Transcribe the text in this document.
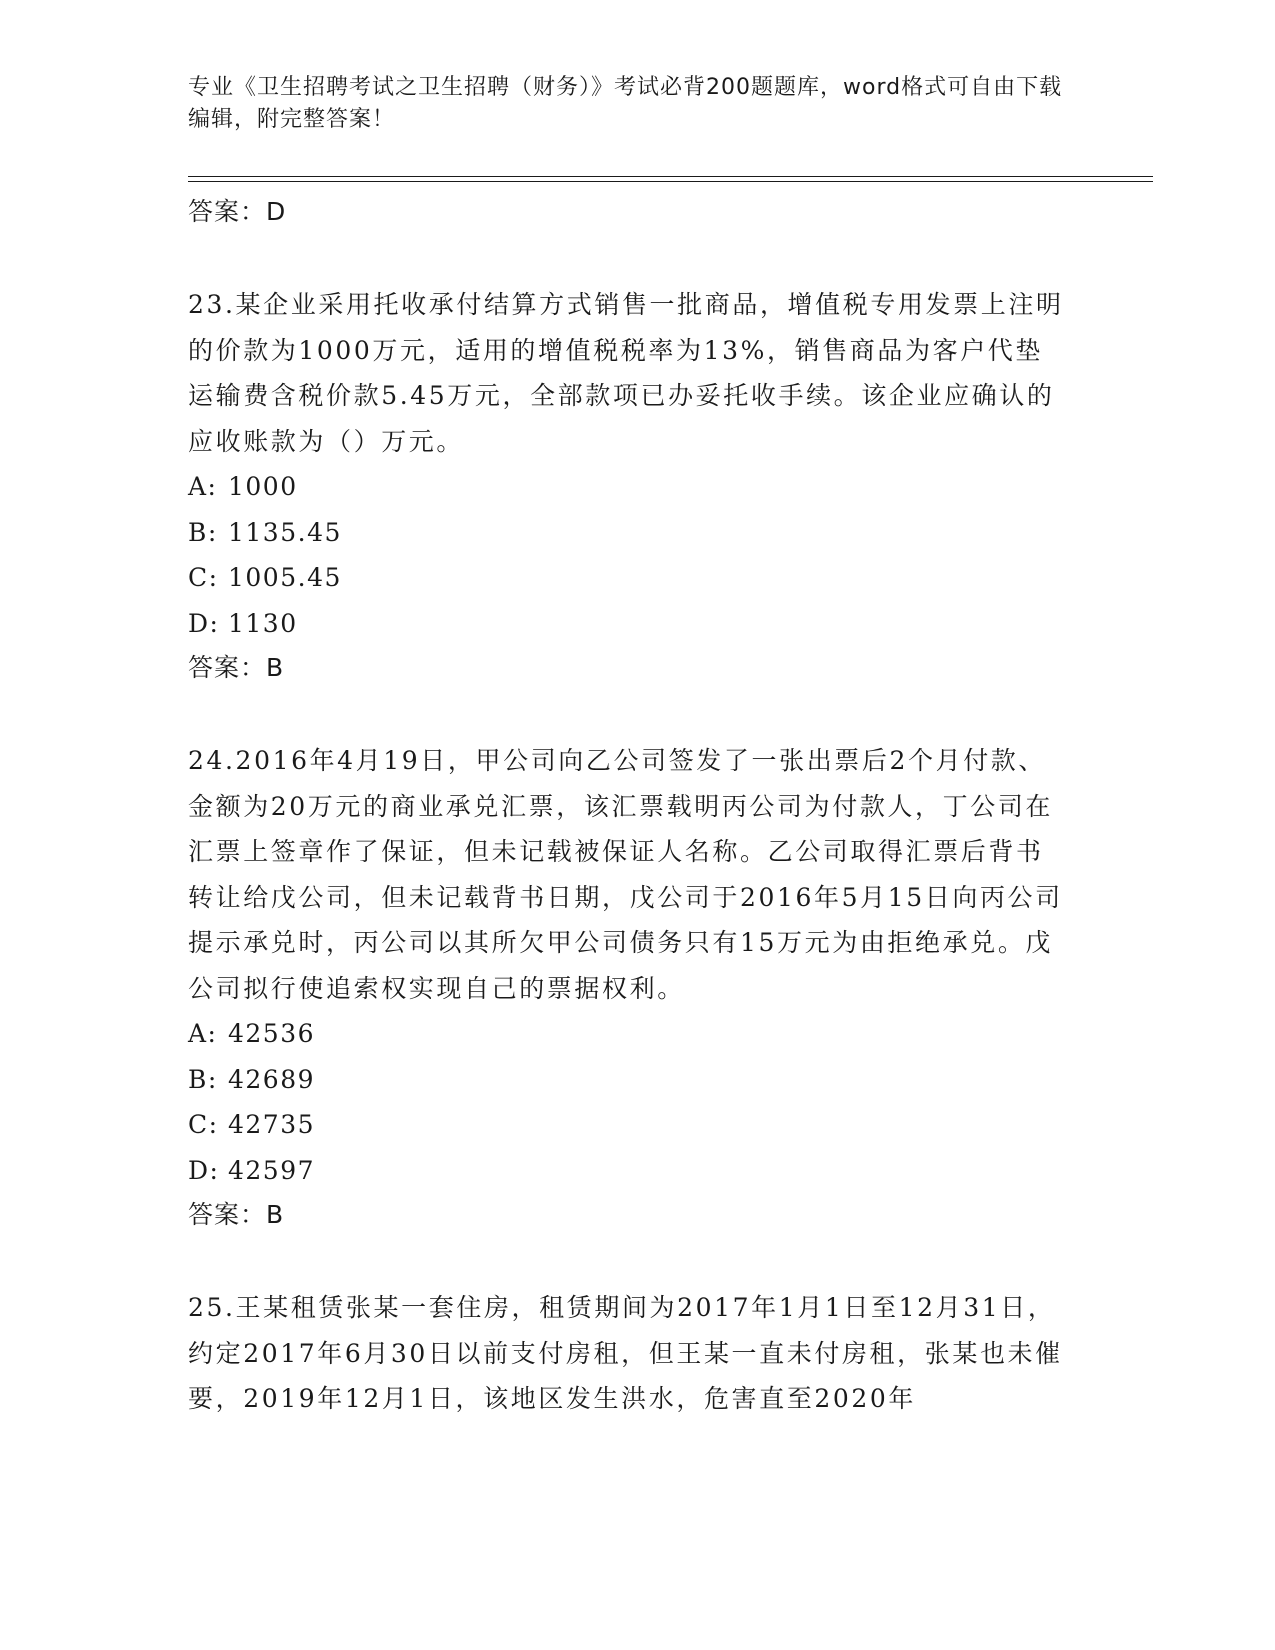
专业《卫生招聘考试之卫生招聘（财务）》考试必背200题题库，word格式可自由下载编辑，附完整答案！
答案：D

23.某企业采用托收承付结算方式销售一批商品，增值税专用发票上注明的价款为1000万元，适用的增值税税率为13%，销售商品为客户代垫运输费含税价款5.45万元，全部款项已办妥托收手续。该企业应确认的应收账款为（）万元。

A: 1000
B: 1135.45
C: 1005.45
D: 1130
答案：B

24.2016年4月19日，甲公司向乙公司签发了一张出票后2个月付款、金额为20万元的商业承兑汇票，该汇票载明丙公司为付款人，丁公司在汇票上签章作了保证，但未记载被保证人名称。乙公司取得汇票后背书转让给戊公司，但未记载背书日期，戊公司于2016年5月15日向丙公司提示承兑时，丙公司以其所欠甲公司债务只有15万元为由拒绝承兑。戊公司拟行使追索权实现自己的票据权利。

A: 42536
B: 42689
C: 42735
D: 42597
答案：B

25.王某租赁张某一套住房，租赁期间为2017年1月1日至12月31日，约定2017年6月30日以前支付房租，但王某一直未付房租，张某也未催要，2019年12月1日，该地区发生洪水，危害直至2020年
